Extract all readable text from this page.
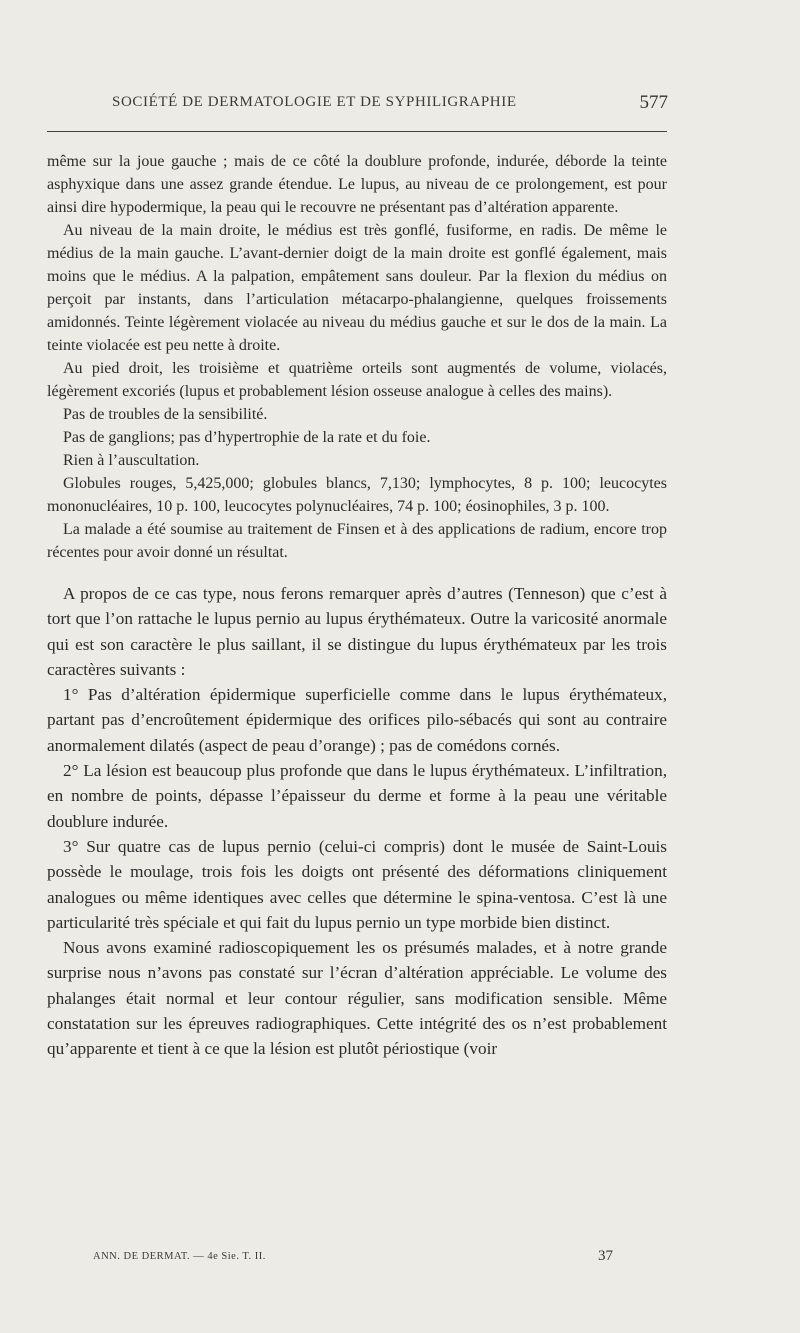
SOCIÉTÉ DE DERMATOLOGIE ET DE SYPHILIGRAPHIE	577

même sur la joue gauche ; mais de ce côté la doublure profonde, indurée, déborde la teinte asphyxique dans une assez grande étendue. Le lupus, au niveau de ce prolongement, est pour ainsi dire hypodermique, la peau qui le recouvre ne présentant pas d’altération apparente.

Au niveau de la main droite, le médius est très gonflé, fusiforme, en radis. De même le médius de la main gauche. L’avant-dernier doigt de la main droite est gonflé également, mais moins que le médius. A la palpation, empâtement sans douleur. Par la flexion du médius on perçoit par instants, dans l’articulation métacarpo-phalangienne, quelques froissements amidonnés. Teinte légèrement violacée au niveau du médius gauche et sur le dos de la main. La teinte violacée est peu nette à droite.

Au pied droit, les troisième et quatrième orteils sont augmentés de volume, violacés, légèrement excoriés (lupus et probablement lésion osseuse analogue à celles des mains).

Pas de troubles de la sensibilité.

Pas de ganglions; pas d’hypertrophie de la rate et du foie.

Rien à l’auscultation.

Globules rouges, 5,425,000; globules blancs, 7,130; lymphocytes, 8 p. 100; leucocytes mononucléaires, 10 p. 100, leucocytes polynucléaires, 74 p. 100; éosinophiles, 3 p. 100.

La malade a été soumise au traitement de Finsen et à des applications de radium, encore trop récentes pour avoir donné un résultat.

A propos de ce cas type, nous ferons remarquer après d’autres (Tenneson) que c’est à tort que l’on rattache le lupus pernio au lupus érythémateux. Outre la varicosité anormale qui est son caractère le plus saillant, il se distingue du lupus érythémateux par les trois caractères suivants :

1° Pas d’altération épidermique superficielle comme dans le lupus érythémateux, partant pas d’encroûtement épidermique des orifices pilo-sébacés qui sont au contraire anormalement dilatés (aspect de peau d’orange) ; pas de comédons cornés.

2° La lésion est beaucoup plus profonde que dans le lupus érythémateux. L’infiltration, en nombre de points, dépasse l’épaisseur du derme et forme à la peau une véritable doublure indurée.

3° Sur quatre cas de lupus pernio (celui-ci compris) dont le musée de Saint-Louis possède le moulage, trois fois les doigts ont présenté des déformations cliniquement analogues ou même identiques avec celles que détermine le spina-ventosa. C’est là une particularité très spéciale et qui fait du lupus pernio un type morbide bien distinct.

Nous avons examiné radioscopiquement les os présumés malades, et à notre grande surprise nous n’avons pas constaté sur l’écran d’altération appréciable. Le volume des phalanges était normal et leur contour régulier, sans modification sensible. Même constatation sur les épreuves radiographiques. Cette intégrité des os n’est probablement qu’apparente et tient à ce que la lésion est plutôt périostique (voir

ANN. DE DERMAT. — 4e Sie. T. II.	37
